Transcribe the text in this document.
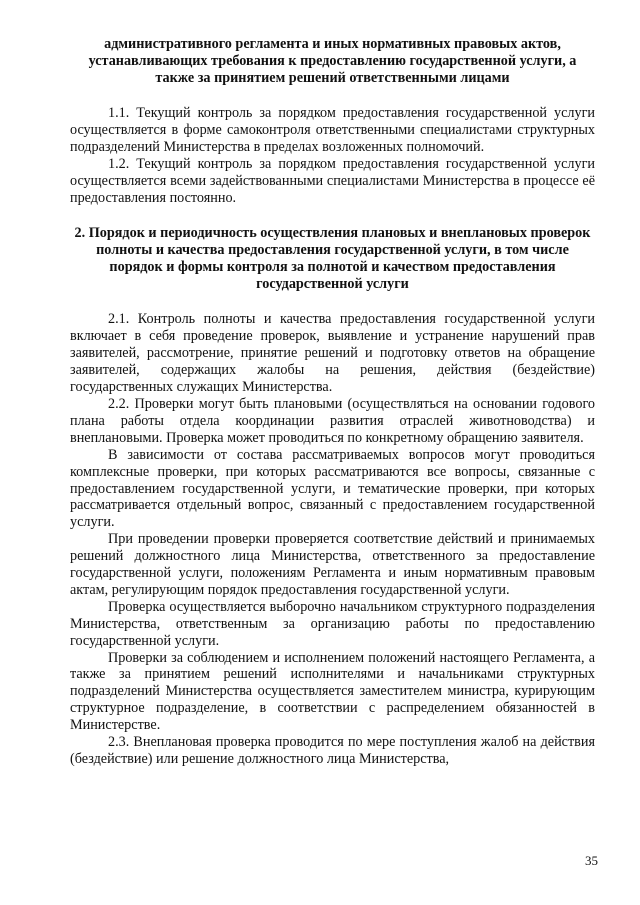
административного регламента и иных нормативных правовых актов, устанавливающих требования к предоставлению государственной услуги, а также за принятием решений ответственными лицами

1.1. Текущий контроль за порядком предоставления государственной услуги осуществляется в форме самоконтроля ответственными специалистами структурных подразделений Министерства в пределах возложенных полномочий.

1.2. Текущий контроль за порядком предоставления государственной услуги осуществляется всеми задействованными специалистами Министерства в процессе её предоставления постоянно.

2. Порядок и периодичность осуществления плановых и внеплановых проверок полноты и качества предоставления государственной услуги, в том числе порядок и формы контроля за полнотой и качеством предоставления государственной услуги

2.1. Контроль полноты и качества предоставления государственной услуги включает в себя проведение проверок, выявление и устранение нарушений прав заявителей, рассмотрение, принятие решений и подготовку ответов на обращение заявителей, содержащих жалобы на решения, действия (бездействие) государственных служащих Министерства.

2.2. Проверки могут быть плановыми (осуществляться на основании годового плана работы отдела координации развития отраслей животноводства) и внеплановыми. Проверка может проводиться по конкретному обращению заявителя.

В зависимости от состава рассматриваемых вопросов могут проводиться комплексные проверки, при которых рассматриваются все вопросы, связанные с предоставлением государственной услуги, и тематические проверки, при которых рассматривается отдельный вопрос, связанный с предоставлением государственной услуги.

При проведении проверки проверяется соответствие действий и принимаемых решений должностного лица Министерства, ответственного за предоставление государственной услуги, положениям Регламента и иным нормативным правовым актам, регулирующим порядок предоставления государственной услуги.

Проверка осуществляется выборочно начальником структурного подразделения Министерства, ответственным за организацию работы по предоставлению государственной услуги.

Проверки за соблюдением и исполнением положений настоящего Регламента, а также за принятием решений исполнителями и начальниками структурных подразделений Министерства осуществляется заместителем министра, курирующим структурное подразделение, в соответствии с распределением обязанностей в Министерстве.

2.3. Внеплановая проверка проводится по мере поступления жалоб на действия (бездействие) или решение должностного лица Министерства,

35
